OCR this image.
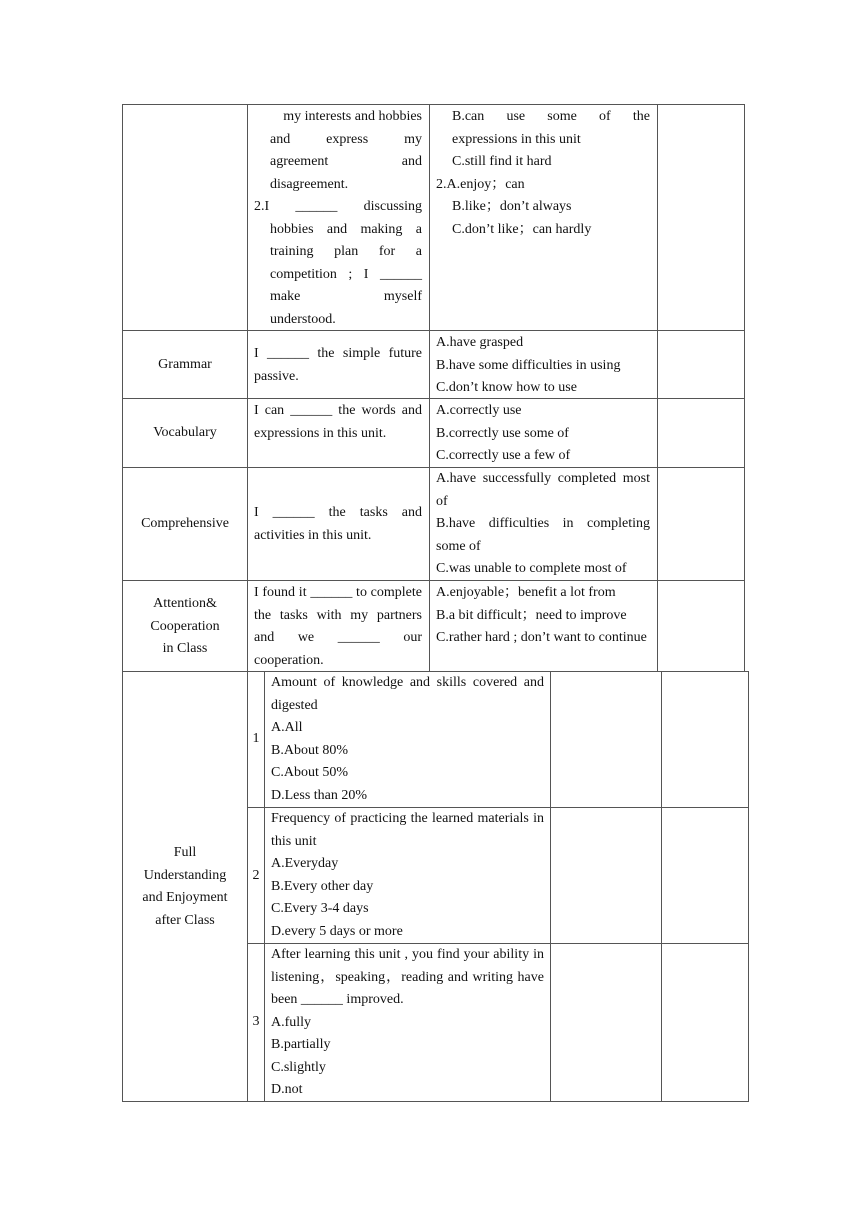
my interests and hobbies
and express my
agreement and
disagreement.
2.I ______ discussing
hobbies and making a
training plan for a
competition ; I ______
make myself
understood.
B.can use some of the
expressions in this unit
C.still find it hard
2.A.enjoy；can
B.like；don’t always
C.don’t like；can hardly
Grammar
I ______ the simple future passive.
A.have grasped
B.have some difficulties in using
C.don’t know how to use
Vocabulary
I can ______ the words and expressions in this unit.
A.correctly use
B.correctly use some of
C.correctly use a few of
Comprehensive
I ______ the tasks and activities in this unit.
A.have successfully completed most of
B.have difficulties in completing some of
C.was unable to complete most of
Attention&
Cooperation
in Class
I found it ______ to complete the tasks with my partners and we ______ our cooperation.
A.enjoyable；benefit a lot from
B.a bit difficult；need to improve
C.rather hard ; don’t want to continue
Full
Understanding
and Enjoyment
after Class
1
Amount of knowledge and skills covered and digested
A.All
B.About 80%
C.About 50%
D.Less than 20%
2
Frequency of practicing the learned materials in this unit
A.Everyday
B.Every other day
C.Every 3-4 days
D.every 5 days or more
3
After learning this unit , you find your ability in listening，speaking，reading and writing have been ______ improved.
A.fully
B.partially
C.slightly
D.not
